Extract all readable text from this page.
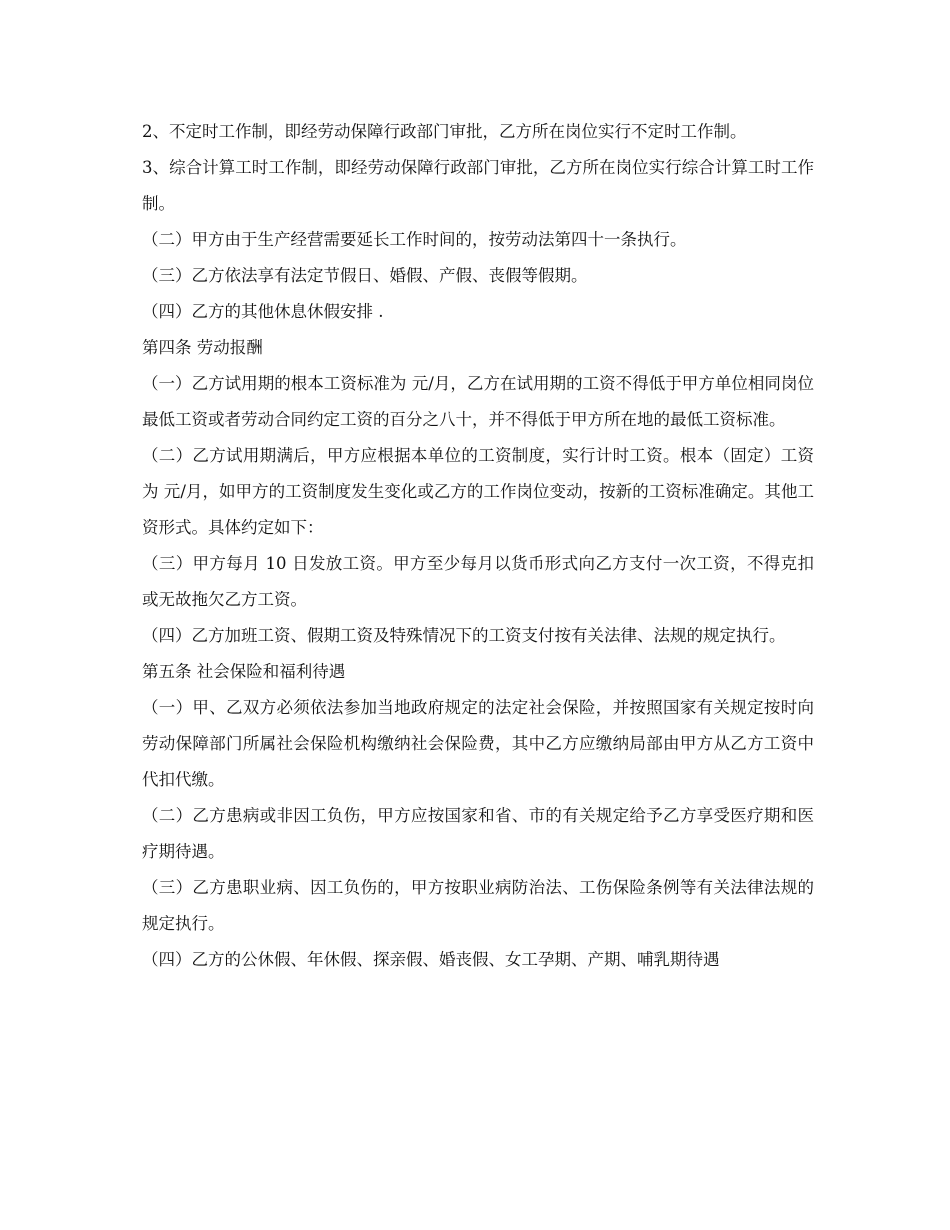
2、不定时工作制，即经劳动保障行政部门审批，乙方所在岗位实行不定时工作制。

3、综合计算工时工作制，即经劳动保障行政部门审批，乙方所在岗位实行综合计算工时工作制。

（二）甲方由于生产经营需要延长工作时间的，按劳动法第四十一条执行。

（三）乙方依法享有法定节假日、婚假、产假、丧假等假期。

（四）乙方的其他休息休假安排 .

第四条 劳动报酬

（一）乙方试用期的根本工资标准为 元/月，乙方在试用期的工资不得低于甲方单位相同岗位最低工资或者劳动合同约定工资的百分之八十，并不得低于甲方所在地的最低工资标准。

（二）乙方试用期满后，甲方应根据本单位的工资制度，实行计时工资。根本（固定）工资为 元/月，如甲方的工资制度发生变化或乙方的工作岗位变动，按新的工资标准确定。其他工资形式。具体约定如下：

（三）甲方每月 10 日发放工资。甲方至少每月以货币形式向乙方支付一次工资，不得克扣或无故拖欠乙方工资。

（四）乙方加班工资、假期工资及特殊情况下的工资支付按有关法律、法规的规定执行。

第五条 社会保险和福利待遇

（一）甲、乙双方必须依法参加当地政府规定的法定社会保险，并按照国家有关规定按时向劳动保障部门所属社会保险机构缴纳社会保险费，其中乙方应缴纳局部由甲方从乙方工资中代扣代缴。

（二）乙方患病或非因工负伤，甲方应按国家和省、市的有关规定给予乙方享受医疗期和医疗期待遇。

（三）乙方患职业病、因工负伤的，甲方按职业病防治法、工伤保险条例等有关法律法规的规定执行。

（四）乙方的公休假、年休假、探亲假、婚丧假、女工孕期、产期、哺乳期待遇
